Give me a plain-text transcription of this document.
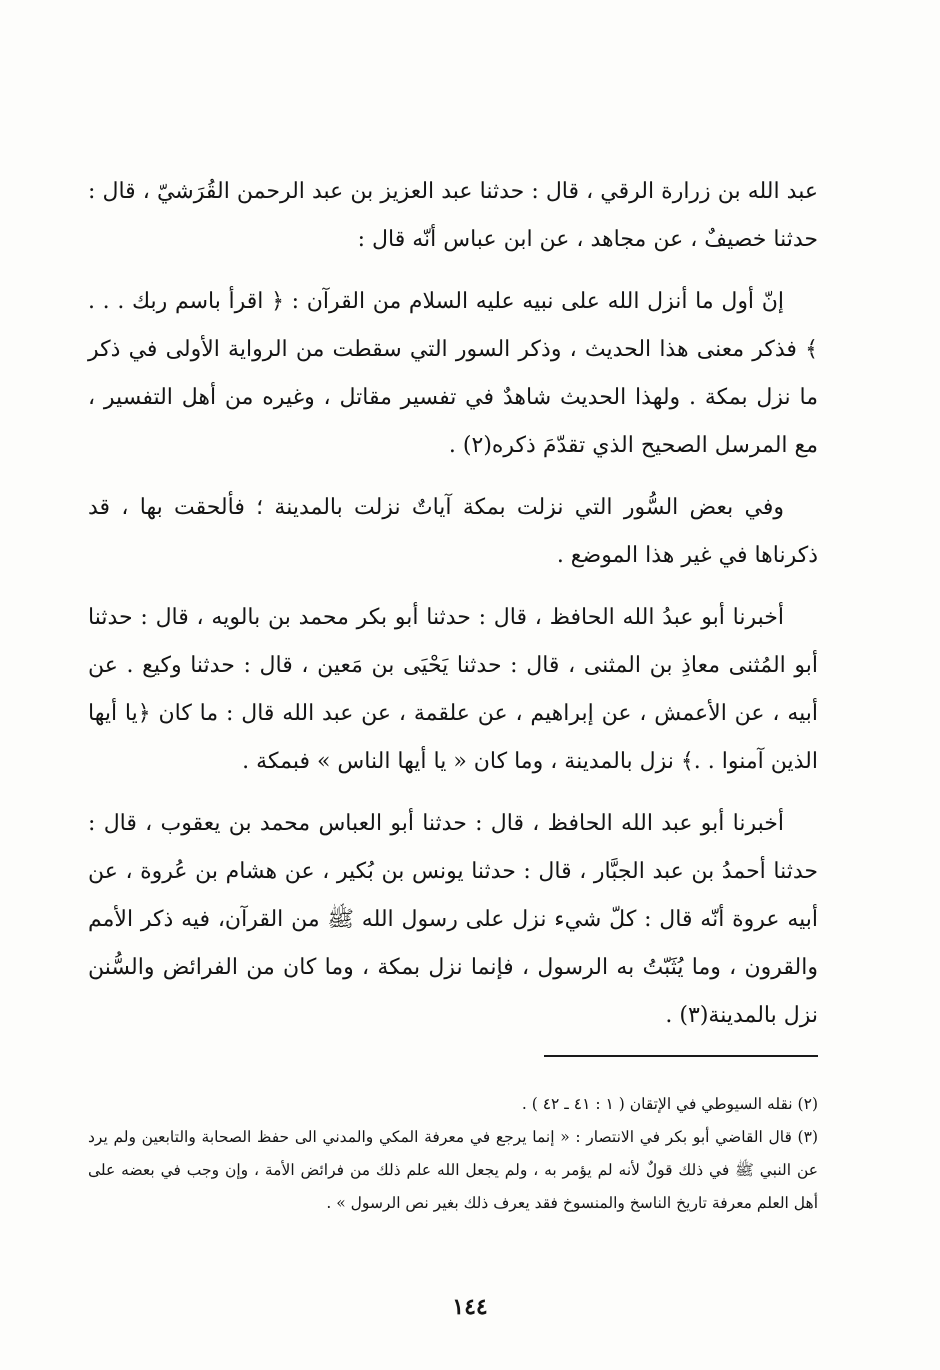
عبد الله بن زرارة الرقي ، قال : حدثنا عبد العزيز بن عبد الرحمن القُرَشيّ ، قال : حدثنا خصيفٌ ، عن مجاهد ، عن ابن عباس أنّه قال :

إنّ أول ما أنزل الله على نبيه عليه السلام من القرآن : ﴿ اقرأ باسم ربك . . . ﴾ فذكر معنى هذا الحديث ، وذكر السور التي سقطت من الرواية الأولى في ذكر ما نزل بمكة . ولهذا الحديث شاهدٌ في تفسير مقاتل ، وغيره من أهل التفسير ، مع المرسل الصحيح الذي تقدّمَ ذكره(٢) .

وفي بعض السُّور التي نزلت بمكة آياتٌ نزلت بالمدينة ؛ فألحقت بها ، قد ذكرناها في غير هذا الموضع .

أخبرنا أبو عبدُ الله الحافظ ، قال : حدثنا أبو بكر محمد بن بالويه ، قال : حدثنا أبو المُثنى معاذِ بن المثنى ، قال : حدثنا يَحْيَى بن مَعين ، قال : حدثنا وكيع . عن أبيه ، عن الأعمش ، عن إبراهيم ، عن علقمة ، عن عبد الله قال : ما كان ﴿يا أيها الذين آمنوا . .﴾ نزل بالمدينة ، وما كان « يا أيها الناس » فبمكة .

أخبرنا أبو عبد الله الحافظ ، قال : حدثنا أبو العباس محمد بن يعقوب ، قال : حدثنا أحمدُ بن عبد الجبَّار ، قال : حدثنا يونس بن بُكير ، عن هشام بن عُروة ، عن أبيه عروة أنّه قال : كلّ شيء نزل على رسول الله ﷺ من القرآن، فيه ذكر الأمم والقرون ، وما يُثَبّتُ به الرسول ، فإنما نزل بمكة ، وما كان من الفرائض والسُّنن نزل بالمدينة(٣) .

(٢) نقله السيوطي في الإتقان ( ١ : ٤١ ـ ٤٢ ) .

(٣) قال القاضي أبو بكر في الانتصار : « إنما يرجع في معرفة المكي والمدني الى حفظ الصحابة والتابعين ولم يرد عن النبي ﷺ في ذلك قولٌ لأنه لم يؤمر به ، ولم يجعل الله علم ذلك من فرائض الأمة ، وإن وجب في بعضه على أهل العلم معرفة تاريخ الناسخ والمنسوخ فقد يعرف ذلك بغير نص الرسول » .

١٤٤
